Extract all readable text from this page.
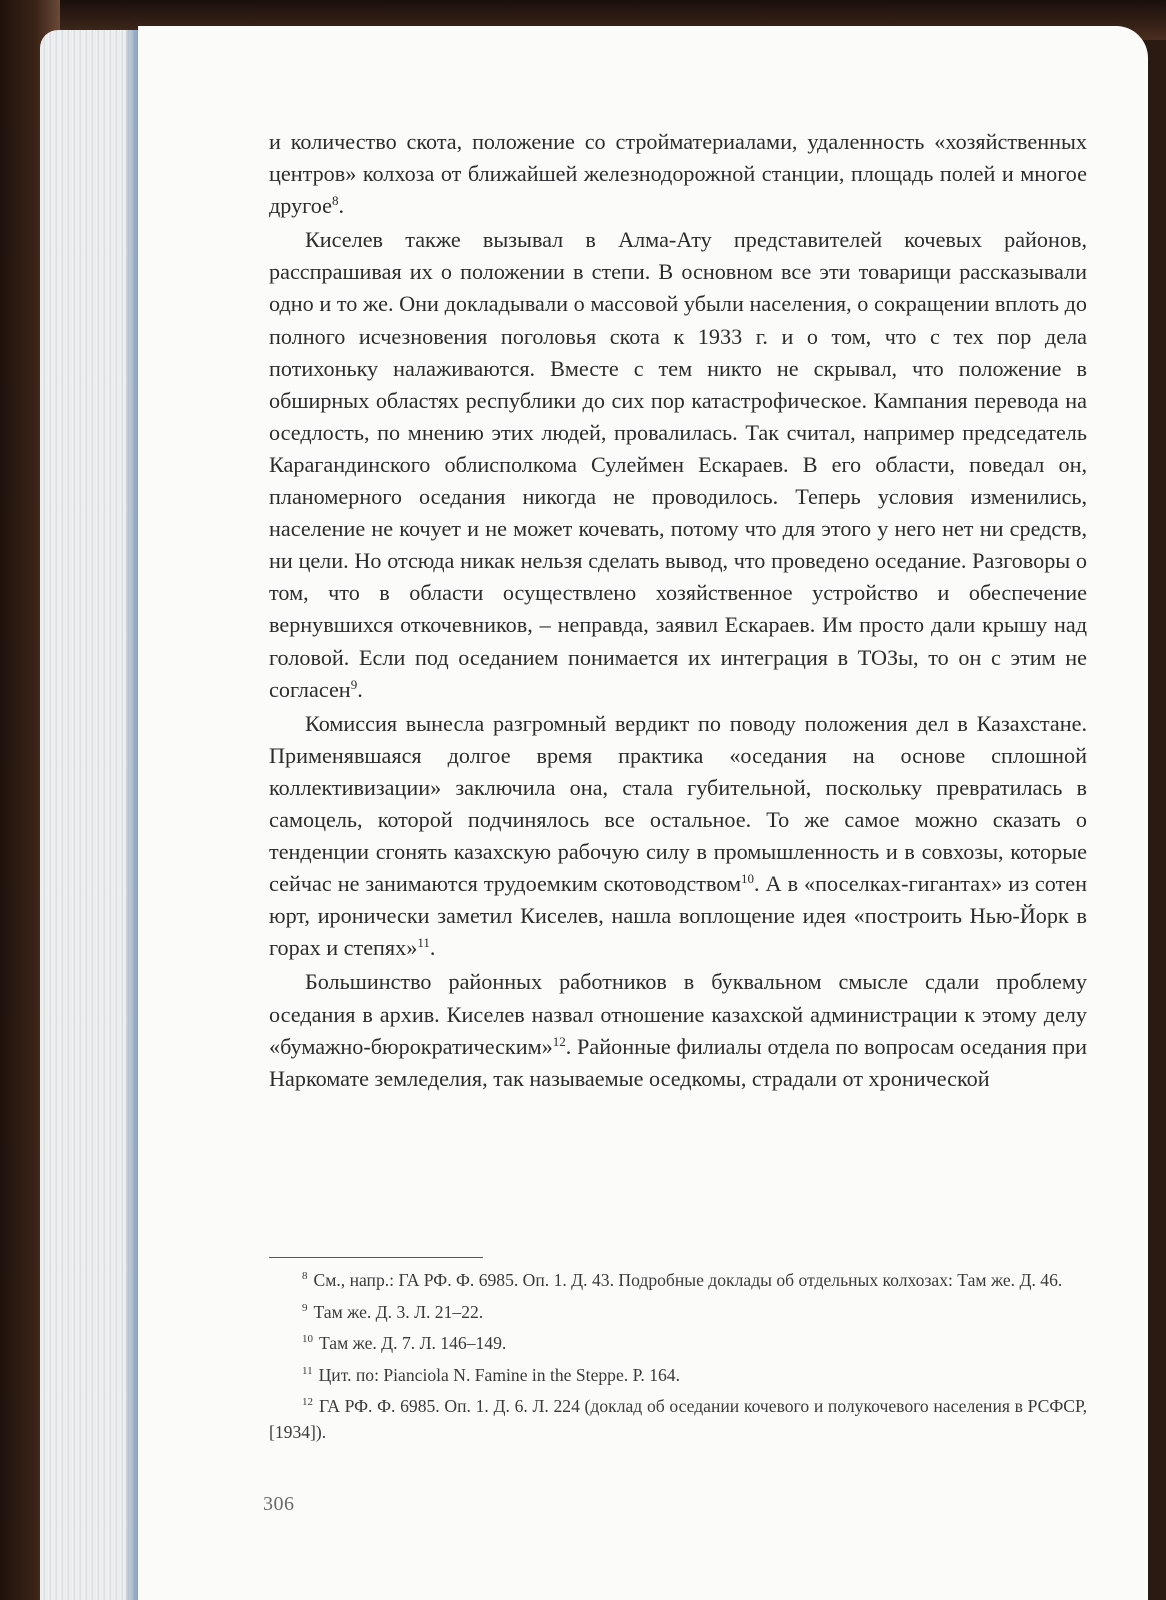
и количество скота, положение со стройматериалами, удаленность «хозяйственных центров» колхоза от ближайшей железнодорожной станции, площадь полей и многое другое$^8$.

Киселев также вызывал в Алма-Ату представителей кочевых районов, расспрашивая их о положении в степи. В основном все эти товарищи рассказывали одно и то же. Они докладывали о массовой убыли населения, о сокращении вплоть до полного исчезновения поголовья скота к 1933 г. и о том, что с тех пор дела потихоньку налаживаются. Вместе с тем никто не скрывал, что положение в обширных областях республики до сих пор катастрофическое. Кампания перевода на оседлость, по мнению этих людей, провалилась. Так считал, например председатель Карагандинского облисполкома Сулеймен Ескараев. В его области, поведал он, планомерного оседания никогда не проводилось. Теперь условия изменились, население не кочует и не может кочевать, потому что для этого у него нет ни средств, ни цели. Но отсюда никак нельзя сделать вывод, что проведено оседание. Разговоры о том, что в области осуществлено хозяйственное устройство и обеспечение вернувшихся откочевников, – неправда, заявил Ескараев. Им просто дали крышу над головой. Если под оседанием понимается их интеграция в ТОЗы, то он с этим не согласен$^9$.

Комиссия вынесла разгромный вердикт по поводу положения дел в Казахстане. Применявшаяся долгое время практика «оседания на основе сплошной коллективизации» заключила она, стала губительной, поскольку превратилась в самоцель, которой подчинялось все остальное. То же самое можно сказать о тенденции сгонять казахскую рабочую силу в промышленность и в совхозы, которые сейчас не занимаются трудоемким скотоводством$^{10}$. А в «поселках-гигантах» из сотен юрт, иронически заметил Киселев, нашла воплощение идея «построить Нью-Йорк в горах и степях»$^{11}$.

Большинство районных работников в буквальном смысле сдали проблему оседания в архив. Киселев назвал отношение казахской администрации к этому делу «бумажно-бюрократическим»$^{12}$. Районные филиалы отдела по вопросам оседания при Наркомате земледелия, так называемые оседкомы, страдали от хронической

$^8$ См., напр.: ГА РФ. Ф. 6985. Оп. 1. Д. 43. Подробные доклады об отдельных колхозах: Там же. Д. 46.

$^9$ Там же. Д. 3. Л. 21–22.

$^{10}$ Там же. Д. 7. Л. 146–149.

$^{11}$ Цит. по: Pianciola N. Famine in the Steppe. P. 164.

$^{12}$ ГА РФ. Ф. 6985. Оп. 1. Д. 6. Л. 224 (доклад об оседании кочевого и полукочевого населения в РСФСР, [1934]).

306
